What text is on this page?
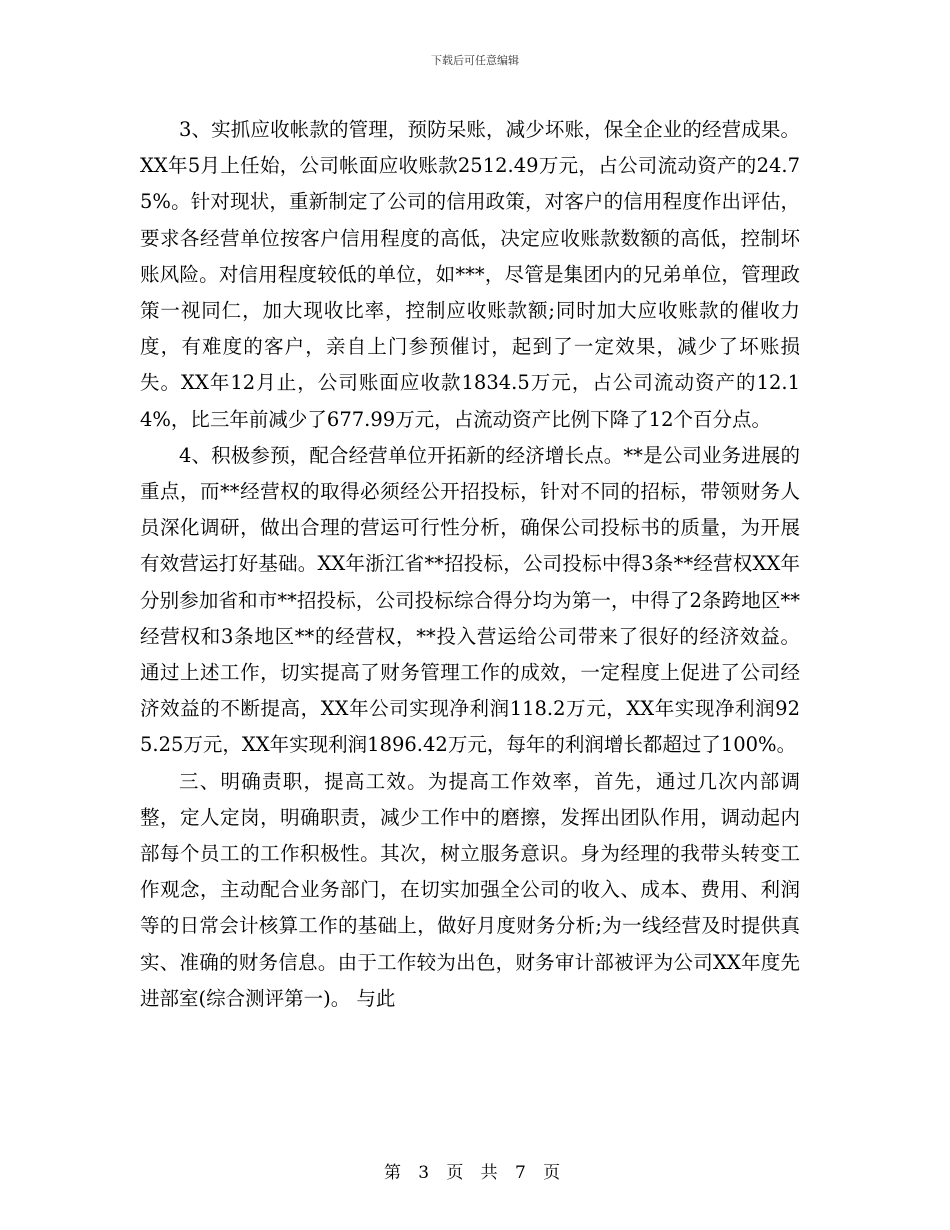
下载后可任意编辑

3、实抓应收帐款的管理，预防呆账，减少坏账，保全企业的经营成果。XX年5月上任始，公司帐面应收账款2512.49万元，占公司流动资产的24.75%。针对现状，重新制定了公司的信用政策，对客户的信用程度作出评估，要求各经营单位按客户信用程度的高低，决定应收账款数额的高低，控制坏账风险。对信用程度较低的单位，如***，尽管是集团内的兄弟单位，管理政策一视同仁，加大现收比率，控制应收账款额;同时加大应收账款的催收力度，有难度的客户，亲自上门参预催讨，起到了一定效果，减少了坏账损失。XX年12月止，公司账面应收款1834.5万元，占公司流动资产的12.14%，比三年前减少了677.99万元，占流动资产比例下降了12个百分点。

4、积极参预，配合经营单位开拓新的经济增长点。**是公司业务进展的重点，而**经营权的取得必须经公开招投标，针对不同的招标，带领财务人员深化调研，做出合理的营运可行性分析，确保公司投标书的质量，为开展有效营运打好基础。XX年浙江省**招投标，公司投标中得3条**经营权XX年分别参加省和市**招投标，公司投标综合得分均为第一，中得了2条跨地区**经营权和3条地区**的经营权，**投入营运给公司带来了很好的经济效益。 通过上述工作，切实提高了财务管理工作的成效，一定程度上促进了公司经济效益的不断提高，XX年公司实现净利润118.2万元，XX年实现净利润925.25万元，XX年实现利润1896.42万元，每年的利润增长都超过了100%。

三、明确责职，提高工效。为提高工作效率，首先，通过几次内部调整，定人定岗，明确职责，减少工作中的磨擦，发挥出团队作用，调动起内部每个员工的工作积极性。其次，树立服务意识。身为经理的我带头转变工作观念，主动配合业务部门，在切实加强全公司的收入、成本、费用、利润等的日常会计核算工作的基础上，做好月度财务分析;为一线经营及时提供真实、准确的财务信息。由于工作较为出色，财务审计部被评为公司XX年度先进部室(综合测评第一)。 与此

第 3 页 共 7 页
